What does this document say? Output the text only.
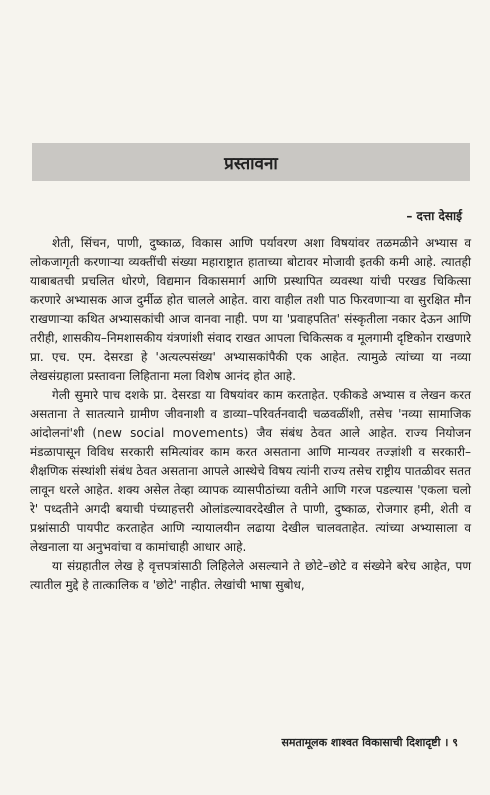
प्रस्तावना
– दत्ता देसाई

शेती, सिंचन, पाणी, दुष्काळ, विकास आणि पर्यावरण अशा विषयांवर तळमळीने अभ्यास व लोकजागृती करणाऱ्या व्यक्तींची संख्या महाराष्ट्रात हाताच्या बोटावर मोजावी इतकी कमी आहे. त्यातही याबाबतची प्रचलित धोरणे, विद्यमान विकासमार्ग आणि प्रस्थापित व्यवस्था यांची परखड चिकित्सा करणारे अभ्यासक आज दुर्मीळ होत चालले आहेत. वारा वाहील तशी पाठ फिरवणाऱ्या वा सुरक्षित मौन राखणाऱ्या कथित अभ्यासकांची आज वानवा नाही. पण या 'प्रवाहपतित' संस्कृतीला नकार देऊन आणि तरीही, शासकीय–निमशासकीय यंत्रणांशी संवाद राखत आपला चिकित्सक व मूलगामी दृष्टिकोन राखणारे प्रा. एच. एम. देसरडा हे 'अत्यल्पसंख्य' अभ्यासकांपैकी एक आहेत. त्यामुळे त्यांच्या या नव्या लेखसंग्रहाला प्रस्तावना लिहिताना मला विशेष आनंद होत आहे.

गेली सुमारे पाच दशके प्रा. देसरडा या विषयांवर काम करताहेत. एकीकडे अभ्यास व लेखन करत असताना ते सातत्याने ग्रामीण जीवनाशी व डाव्या–परिवर्तनवादी चळवळींशी, तसेच 'नव्या सामाजिक आंदोलनां'शी (new social movements) जैव संबंध ठेवत आले आहेत. राज्य नियोजन मंडळापासून विविध सरकारी समित्यांवर काम करत असताना आणि मान्यवर तज्ज्ञांशी व सरकारी–शैक्षणिक संस्थांशी संबंध ठेवत असताना आपले आस्थेचे विषय त्यांनी राज्य तसेच राष्ट्रीय पातळीवर सतत लावून धरले आहेत. शक्य असेल तेव्हा व्यापक व्यासपीठांच्या वतीने आणि गरज पडल्यास 'एकला चलो रे' पध्दतीने अगदी बयाची पंच्याहत्तरी ओलांडल्यावरदेखील ते पाणी, दुष्काळ, रोजगार हमी, शेती व प्रश्नांसाठी पायपीट करताहेत आणि न्यायालयीन लढाया देखील चालवताहेत. त्यांच्या अभ्यासाला व लेखनाला या अनुभवांचा व कामांचाही आधार आहे.

या संग्रहातील लेख हे वृत्तपत्रांसाठी लिहिलेले असल्याने ते छोटे–छोटे व संख्येने बरेच आहेत, पण त्यातील मुद्दे हे तात्कालिक व 'छोटे' नाहीत. लेखांची भाषा सुबोध,

समतामूलक शाश्वत विकासाची दिशादृष्टी । ९
